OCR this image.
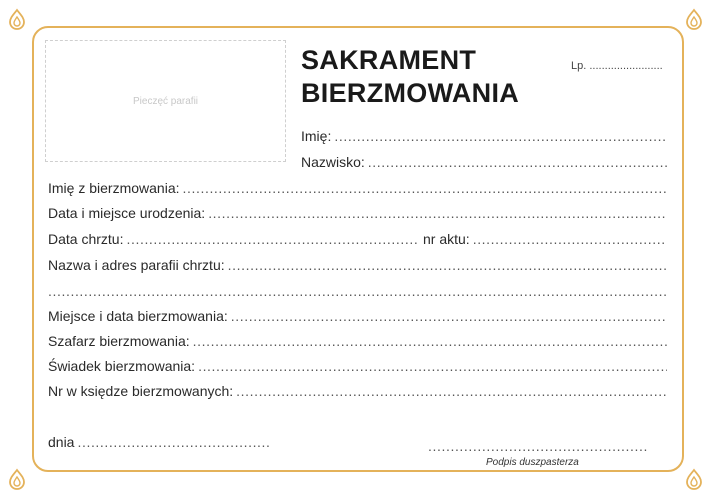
Pieczęć parafii
SAKRAMENT
BIERZMOWANIA
Lp. ........................
Imię:
.....
Nazwisko:
.....
Imię z bierzmowania:
.....
Data i miejsce urodzenia:
.....
Data chrztu:
.....	nr aktu:
.....
Nazwa i adres parafii chrztu:
.....
.....
Miejsce i data bierzmowania:
.....
Szafarz bierzmowania:
.....
Świadek bierzmowania:
.....
Nr w księdze bierzmowanych:
.....
dnia
.....
.....
Podpis duszpasterza
